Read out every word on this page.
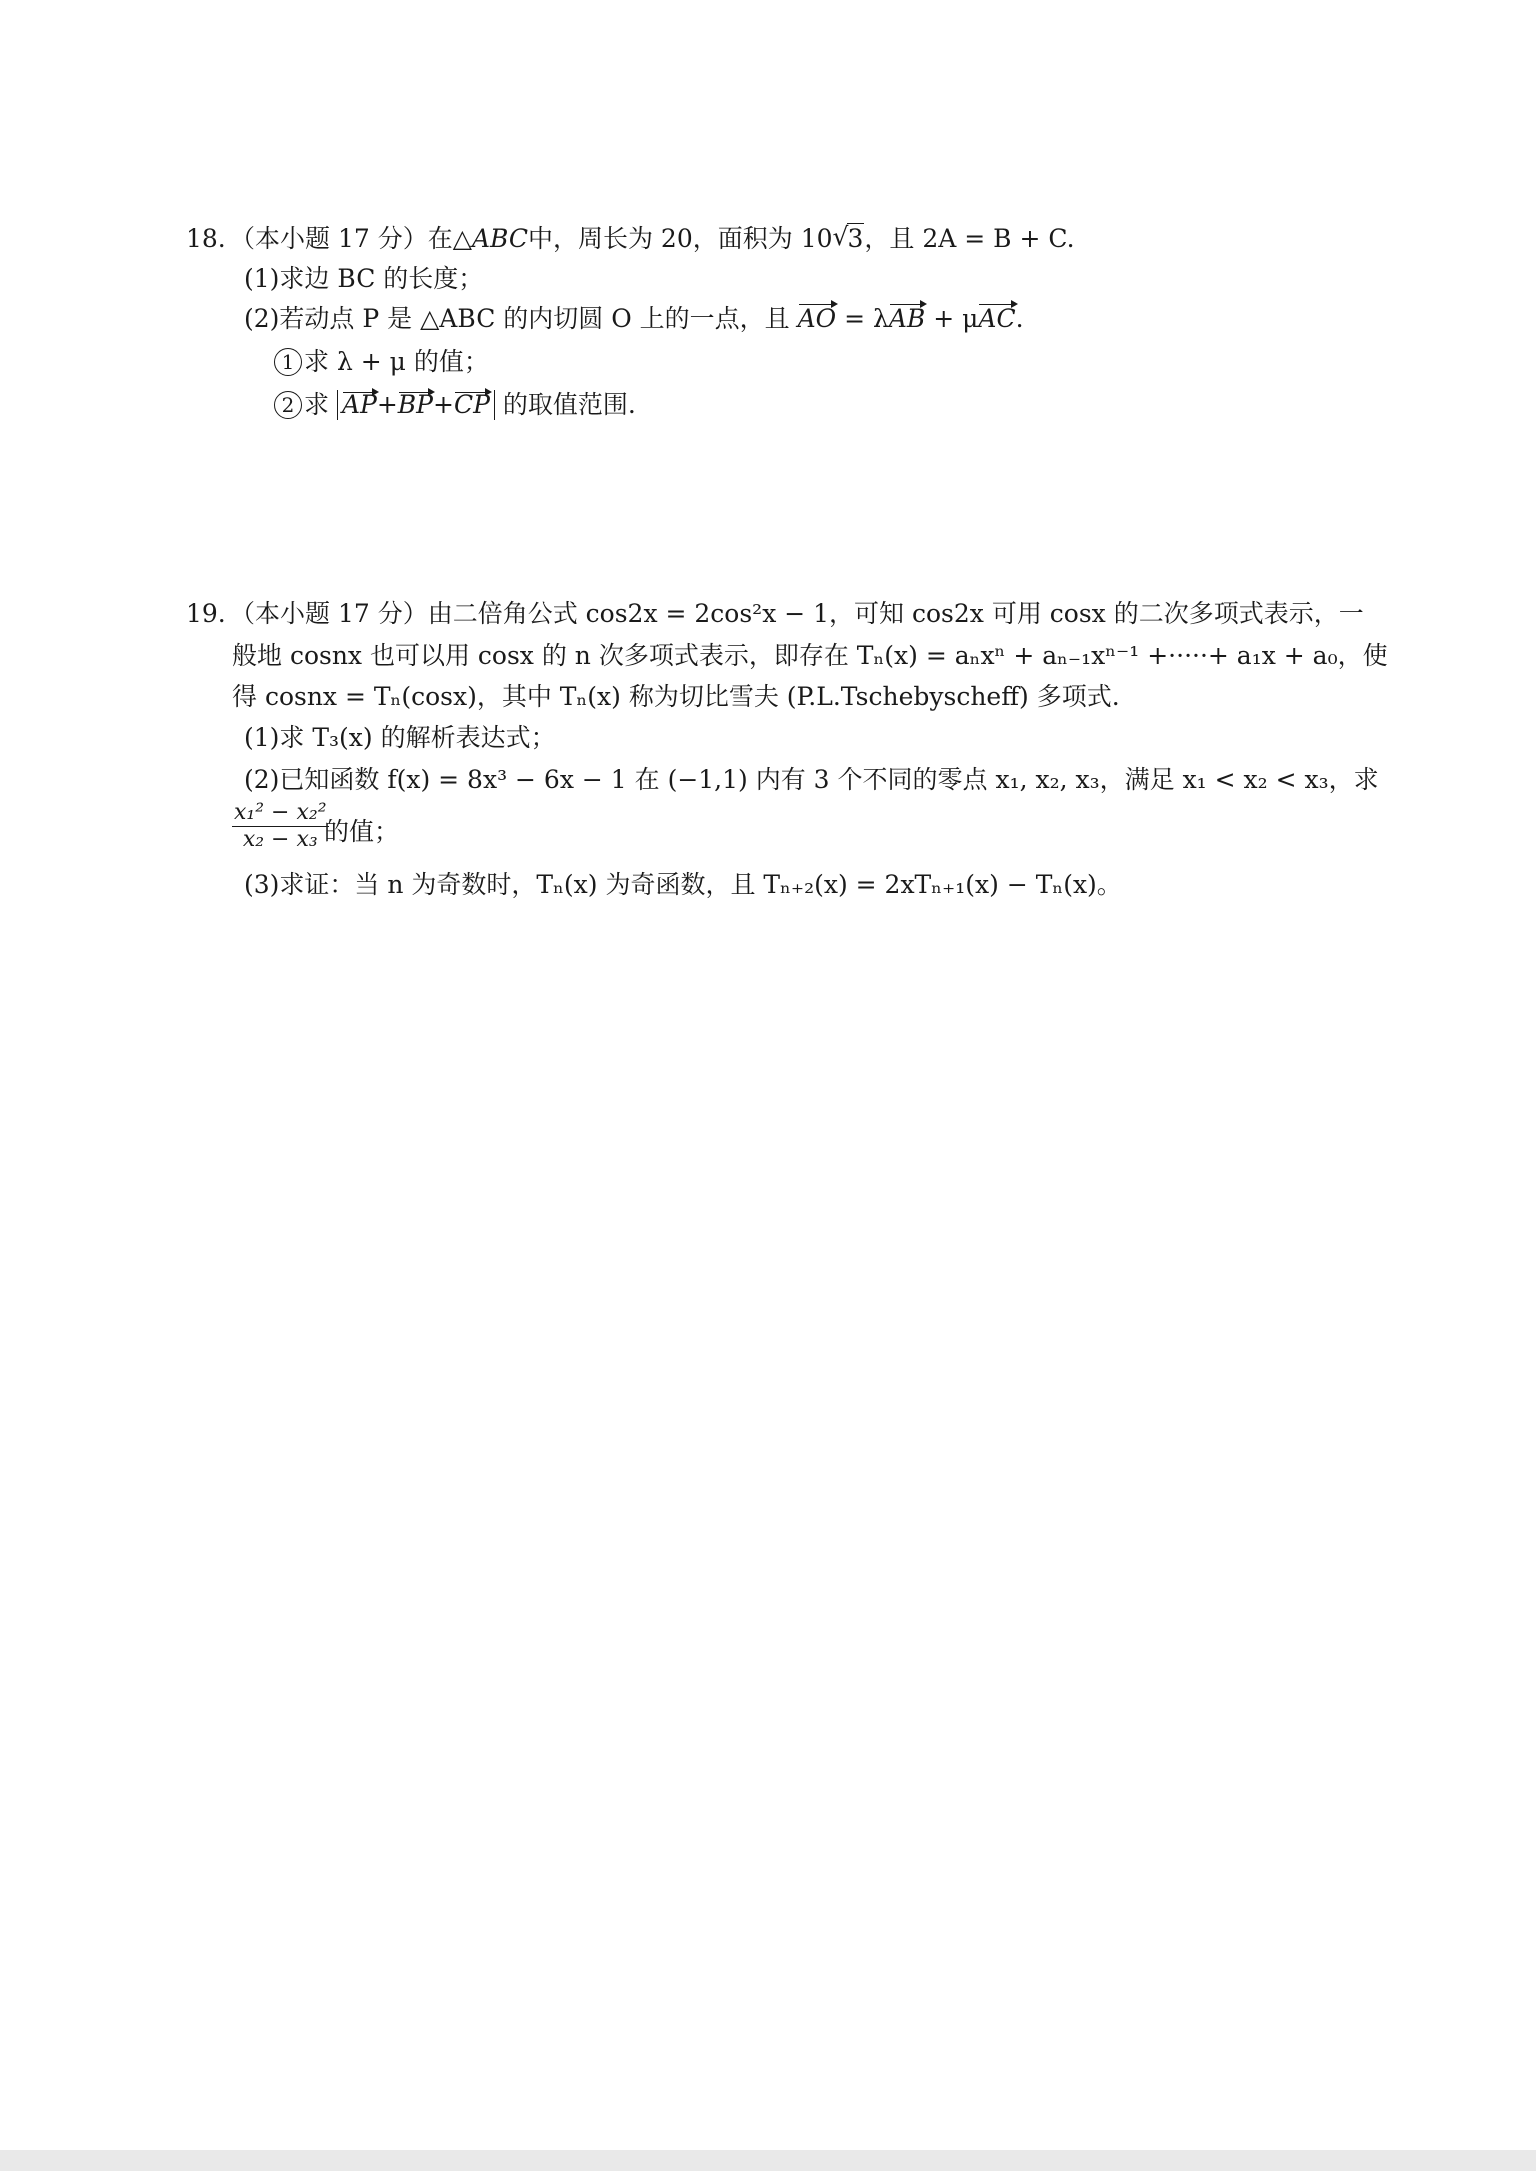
18. （本小题 17 分）在△ABC中，周长为 20，面积为 10√ 3，且 2A = B + C.
(1)求边 BC 的长度；
(2)若动点 P 是 △ABC 的内切圆 O 上的一点，且 AO = λAB + μAC.
1 求 λ + μ 的值；
2 求 AP+BP+CP 的取值范围.
19. （本小题 17 分）由二倍角公式 cos2x = 2cos²x − 1，可知 cos2x 可用 cosx 的二次多项式表示，一
般地 cosnx 也可以用 cosx 的 n 次多项式表示，即存在 Tₙ(x) = aₙxⁿ + aₙ₋₁xⁿ⁻¹ +·····+ a₁x + a₀，使
得 cosnx = Tₙ(cosx)，其中 Tₙ(x) 称为切比雪夫 (P.L.Tschebyscheff) 多项式.
(1)求 T₃(x) 的解析表达式；
(2)已知函数 f(x) = 8x³ − 6x − 1 在 (−1,1) 内有 3 个不同的零点 x₁, x₂, x₃，满足 x₁ < x₂ < x₃，求
$\frac{\text{x₁² − x₂²}}{\text{x₂ − x₃}}$
的值；
(3)求证：当 n 为奇数时，Tₙ(x) 为奇函数，且 Tₙ₊₂(x) = 2xTₙ₊₁(x) − Tₙ(x)。
